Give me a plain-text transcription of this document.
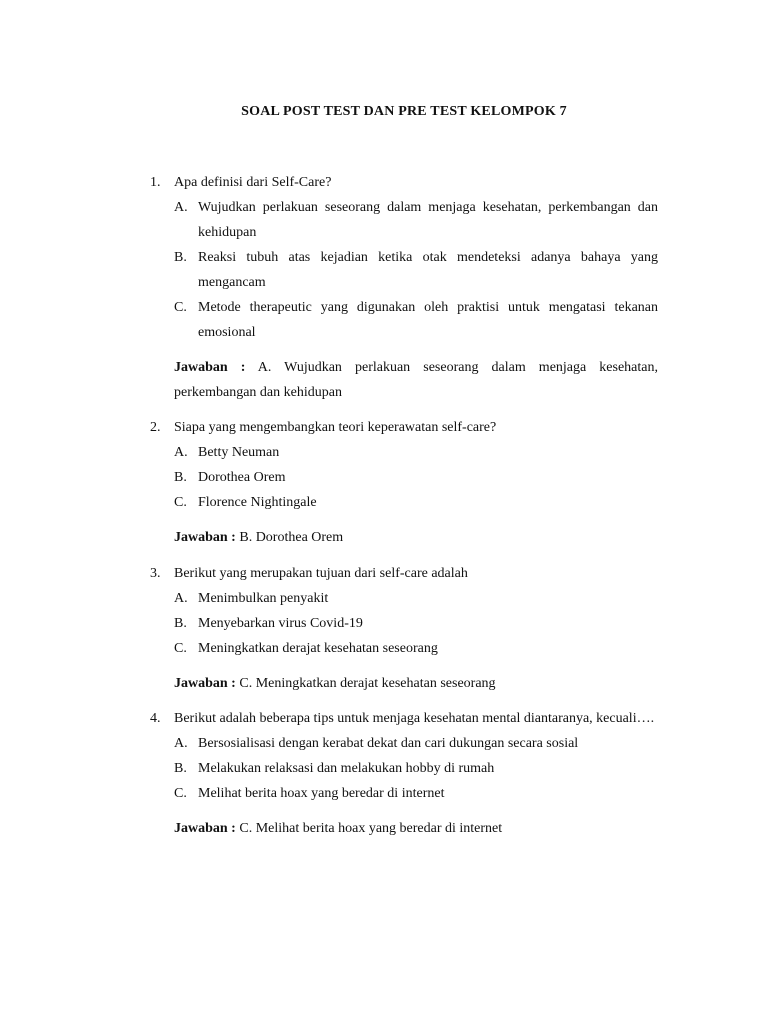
SOAL POST TEST DAN PRE TEST KELOMPOK 7
1. Apa definisi dari Self-Care?
A. Wujudkan perlakuan seseorang dalam menjaga kesehatan, perkembangan dan kehidupan
B. Reaksi tubuh atas kejadian ketika otak mendeteksi adanya bahaya yang mengancam
C. Metode therapeutic yang digunakan oleh praktisi untuk mengatasi tekanan emosional
Jawaban : A. Wujudkan perlakuan seseorang dalam menjaga kesehatan, perkembangan dan kehidupan
2. Siapa yang mengembangkan teori keperawatan self-care?
A. Betty Neuman
B. Dorothea Orem
C. Florence Nightingale
Jawaban : B. Dorothea Orem
3. Berikut yang merupakan tujuan dari self-care adalah
A. Menimbulkan penyakit
B. Menyebarkan virus Covid-19
C. Meningkatkan derajat kesehatan seseorang
Jawaban : C. Meningkatkan derajat kesehatan seseorang
4. Berikut adalah beberapa tips untuk menjaga kesehatan mental diantaranya, kecuali….
A. Bersosialisasi dengan kerabat dekat dan cari dukungan secara sosial
B. Melakukan relaksasi dan melakukan hobby di rumah
C. Melihat berita hoax yang beredar di internet
Jawaban : C. Melihat berita hoax yang beredar di internet
